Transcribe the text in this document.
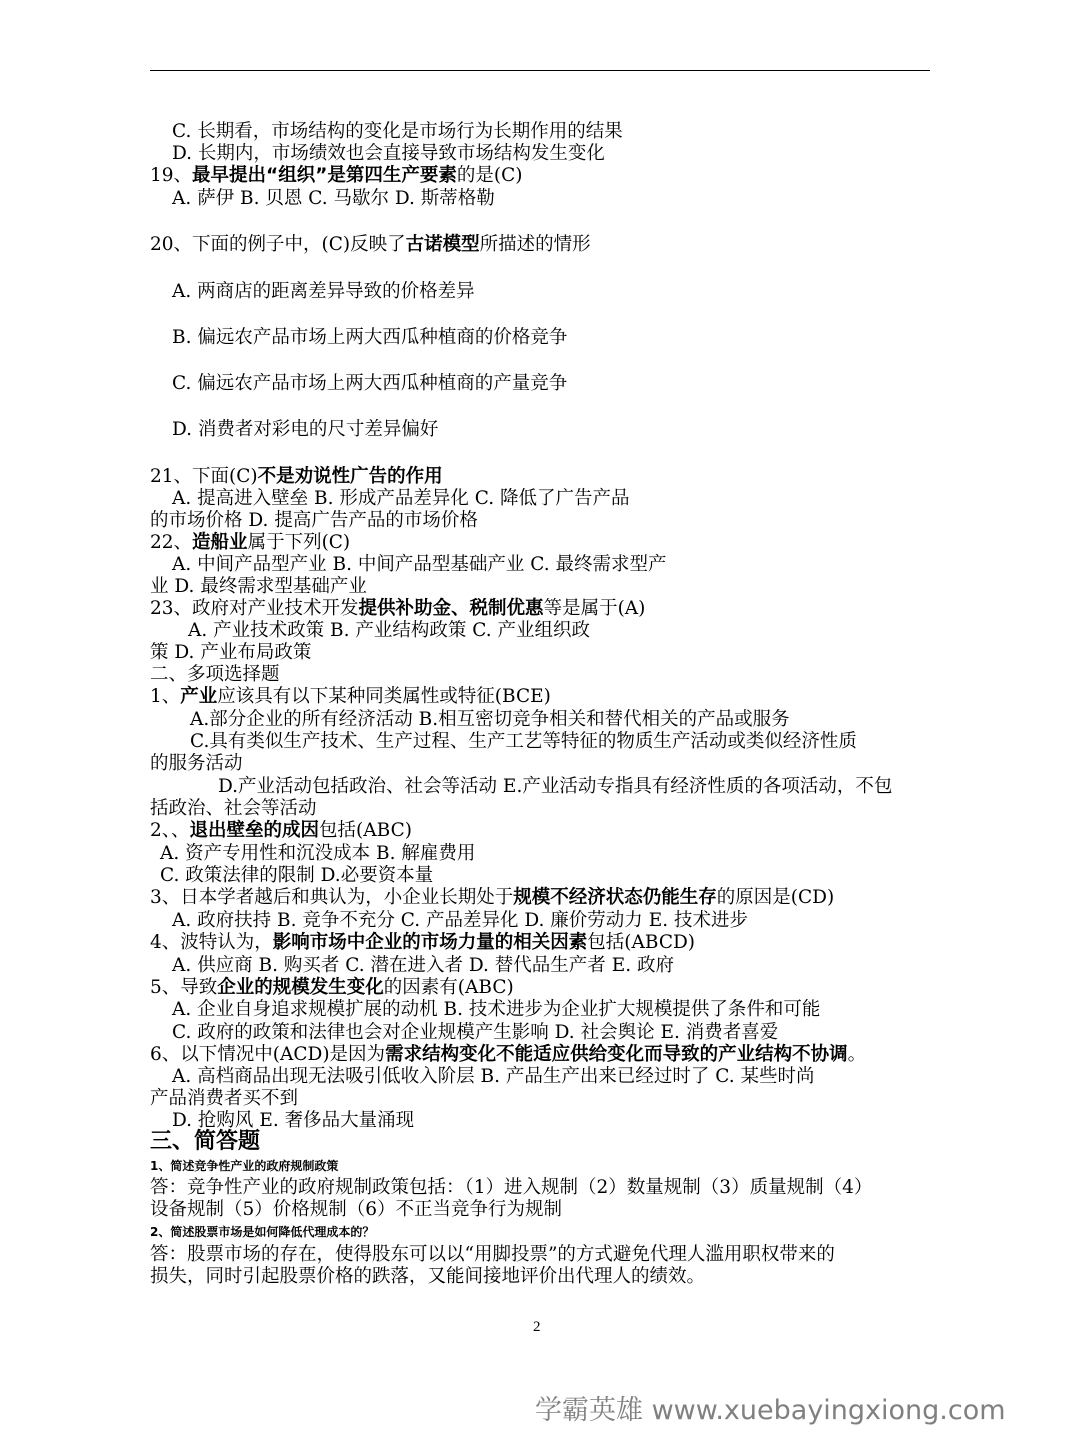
C. 长期看，市场结构的变化是市场行为长期作用的结果
D. 长期内，市场绩效也会直接导致市场结构发生变化
19、最早提出“组织”是第四生产要素的是(C)
A. 萨伊 B. 贝恩 C. 马歇尔 D. 斯蒂格勒
20、下面的例子中，(C)反映了古诺模型所描述的情形
A. 两商店的距离差异导致的价格差异
B. 偏远农产品市场上两大西瓜种植商的价格竞争
C. 偏远农产品市场上两大西瓜种植商的产量竞争
D. 消费者对彩电的尺寸差异偏好
21、下面(C)不是劝说性广告的作用
A. 提高进入壁垒 B. 形成产品差异化 C. 降低了广告产品
的市场价格 D. 提高广告产品的市场价格
22、造船业属于下列(C)
A. 中间产品型产业 B. 中间产品型基础产业 C. 最终需求型产
业 D. 最终需求型基础产业
23、政府对产业技术开发提供补助金、税制优惠等是属于(A)
A. 产业技术政策 B. 产业结构政策 C. 产业组织政
策 D. 产业布局政策
二、多项选择题
1、产业应该具有以下某种同类属性或特征(BCE)
A.部分企业的所有经济活动 B.相互密切竞争相关和替代相关的产品或服务
C.具有类似生产技术、生产过程、生产工艺等特征的物质生产活动或类似经济性质
的服务活动
D.产业活动包括政治、社会等活动 E.产业活动专指具有经济性质的各项活动，不包
括政治、社会等活动
2、、退出壁垒的成因包括(ABC)
A. 资产专用性和沉没成本 B. 解雇费用
C. 政策法律的限制 D.必要资本量
3、日本学者越后和典认为，小企业长期处于规模不经济状态仍能生存的原因是(CD)
A. 政府扶持 B. 竞争不充分 C. 产品差异化 D. 廉价劳动力 E. 技术进步
4、波特认为，影响市场中企业的市场力量的相关因素包括(ABCD)
A. 供应商 B. 购买者 C. 潜在进入者 D. 替代品生产者 E. 政府
5、导致企业的规模发生变化的因素有(ABC)
A. 企业自身追求规模扩展的动机 B. 技术进步为企业扩大规模提供了条件和可能
C. 政府的政策和法律也会对企业规模产生影响 D. 社会舆论 E. 消费者喜爱
6、以下情况中(ACD)是因为需求结构变化不能适应供给变化而导致的产业结构不协调。
A. 高档商品出现无法吸引低收入阶层 B. 产品生产出来已经过时了 C. 某些时尚
产品消费者买不到
D. 抢购风 E. 奢侈品大量涌现
三、简答题
1、简述竞争性产业的政府规制政策
答：竞争性产业的政府规制政策包括：（1）进入规制（2）数量规制（3）质量规制（4）
设备规制（5）价格规制（6）不正当竞争行为规制
2、简述股票市场是如何降低代理成本的？
答：股票市场的存在，使得股东可以以“用脚投票”的方式避免代理人滥用职权带来的
损失，同时引起股票价格的跌落，又能间接地评价出代理人的绩效。
2
学霸英雄 www.xuebayingxiong.com
